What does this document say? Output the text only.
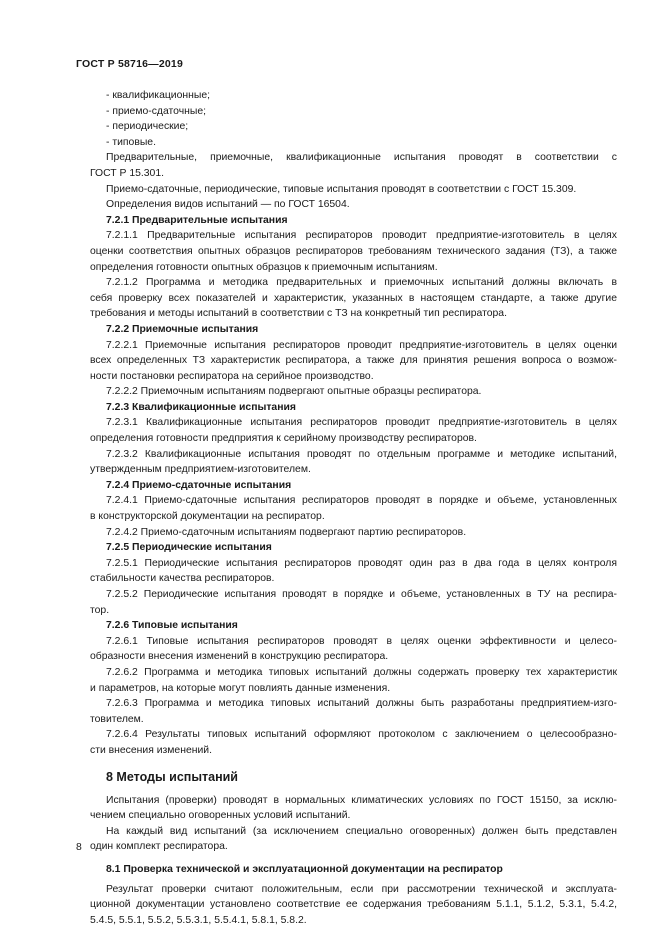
ГОСТ Р 58716—2019

- квалификационные;

- приемо-сдаточные;

- периодические;

- типовые.

Предварительные, приемочные, квалификационные испытания проводят в соответствии с

ГОСТ Р 15.301.

Приемо-сдаточные, периодические, типовые испытания проводят в соответствии с ГОСТ 15.309.

Определения видов испытаний — по ГОСТ 16504.

7.2.1 Предварительные испытания

7.2.1.1 Предварительные испытания респираторов проводит предприятие-изготовитель в целях

оценки соответствия опытных образцов респираторов требованиям технического задания (ТЗ), а также

определения готовности опытных образцов к приемочным испытаниям.

7.2.1.2 Программа и методика предварительных и приемочных испытаний должны включать в

себя проверку всех показателей и характеристик, указанных в настоящем стандарте, а также другие

требования и методы испытаний в соответствии с ТЗ на конкретный тип респиратора.

7.2.2 Приемочные испытания

7.2.2.1 Приемочные испытания респираторов проводит предприятие-изготовитель в целях оценки

всех определенных ТЗ характеристик респиратора, а также для принятия решения вопроса о возмож-

ности постановки респиратора на серийное производство.

7.2.2.2 Приемочным испытаниям подвергают опытные образцы респиратора.

7.2.3 Квалификационные испытания

7.2.3.1 Квалификационные испытания респираторов проводит предприятие-изготовитель в целях

определения готовности предприятия к серийному производству респираторов.

7.2.3.2 Квалификационные испытания проводят по отдельным программе и методике испытаний,

утвержденным предприятием-изготовителем.

7.2.4 Приемо-сдаточные испытания

7.2.4.1 Приемо-сдаточные испытания респираторов проводят в порядке и объеме, установленных

в конструкторской документации на респиратор.

7.2.4.2 Приемо-сдаточным испытаниям подвергают партию респираторов.

7.2.5 Периодические испытания

7.2.5.1 Периодические испытания респираторов проводят один раз в два года в целях контроля

стабильности качества респираторов.

7.2.5.2 Периодические испытания проводят в порядке и объеме, установленных в ТУ на респира-

тор.

7.2.6 Типовые испытания

7.2.6.1 Типовые испытания респираторов проводят в целях оценки эффективности и целесо-

образности внесения изменений в конструкцию респиратора.

7.2.6.2 Программа и методика типовых испытаний должны содержать проверку тех характеристик

и параметров, на которые могут повлиять данные изменения.

7.2.6.3 Программа и методика типовых испытаний должны быть разработаны предприятием-изго-

товителем.

7.2.6.4 Результаты типовых испытаний оформляют протоколом с заключением о целесообразно-

сти внесения изменений.

8 Методы испытаний

Испытания (проверки) проводят в нормальных климатических условиях по ГОСТ 15150, за исклю-

чением специально оговоренных условий испытаний.

На каждый вид испытаний (за исключением специально оговоренных) должен быть представлен

один комплект респиратора.

8.1 Проверка технической и эксплуатационной документации на респиратор

Результат проверки считают положительным, если при рассмотрении технической и эксплуата-

ционной документации установлено соответствие ее содержания требованиям 5.1.1, 5.1.2, 5.3.1, 5.4.2,

5.4.5, 5.5.1, 5.5.2, 5.5.3.1, 5.5.4.1, 5.8.1, 5.8.2.

8
